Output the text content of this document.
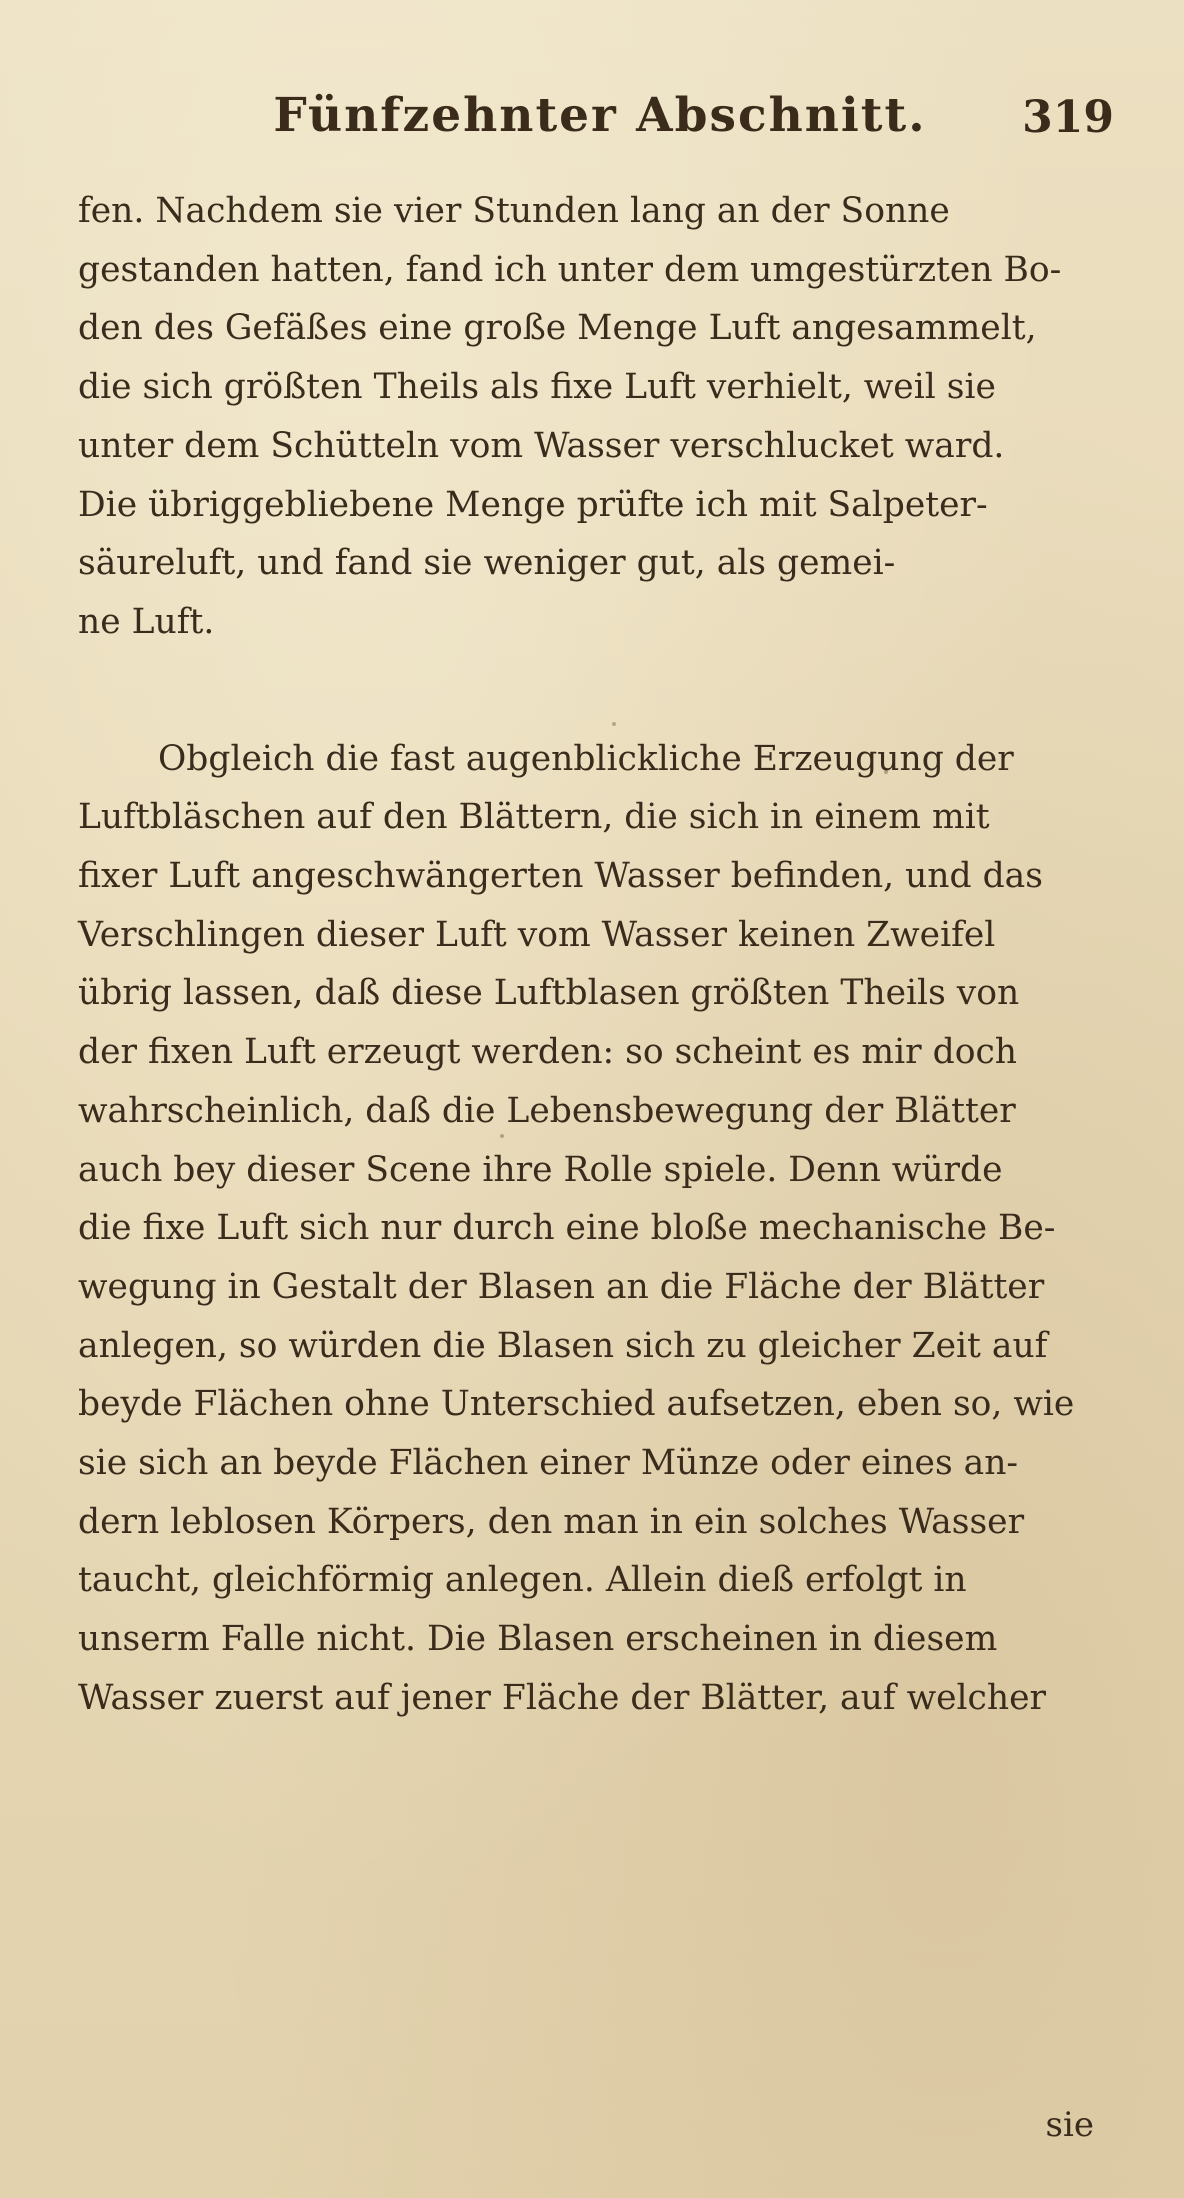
Fünfzehnter Abschnitt.	319

fen. Nachdem sie vier Stunden lang an der Sonne

gestanden hatten, fand ich unter dem umgestürzten Bo-

den des Gefäßes eine große Menge Luft angesammelt,

die sich größten Theils als fixe Luft verhielt, weil sie

unter dem Schütteln vom Wasser verschlucket ward.

Die übriggebliebene Menge prüfte ich mit Salpeter-

säureluft, und fand sie weniger gut, als gemei-

ne Luft.

Obgleich die fast augenblickliche Erzeugung der

Luftbläschen auf den Blättern, die sich in einem mit

fixer Luft angeschwängerten Wasser befinden, und das

Verschlingen dieser Luft vom Wasser keinen Zweifel

übrig lassen, daß diese Luftblasen größten Theils von

der fixen Luft erzeugt werden: so scheint es mir doch

wahrscheinlich, daß die Lebensbewegung der Blätter

auch bey dieser Scene ihre Rolle spiele. Denn würde

die fixe Luft sich nur durch eine bloße mechanische Be-

wegung in Gestalt der Blasen an die Fläche der Blätter

anlegen, so würden die Blasen sich zu gleicher Zeit auf

beyde Flächen ohne Unterschied aufsetzen, eben so, wie

sie sich an beyde Flächen einer Münze oder eines an-

dern leblosen Körpers, den man in ein solches Wasser

taucht, gleichförmig anlegen. Allein dieß erfolgt in

unserm Falle nicht. Die Blasen erscheinen in diesem

Wasser zuerst auf jener Fläche der Blätter, auf welcher

sie
